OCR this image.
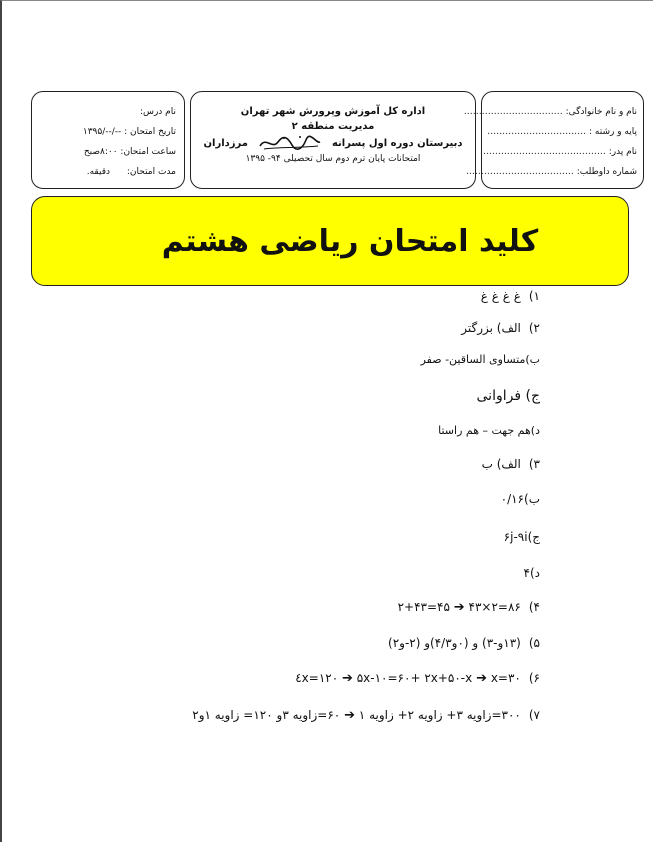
نام و نام خانوادگی: ……………………………
پایه و رشته : ……………………………
نام پدر: ……………………………………
شماره داوطلب: ………………………………
اداره کل آموزش وپرورش شهر تهران
مدیریت منطقه ۲
دبیرستان دوره اول پسرانه
مرزداران
امتحانات پایان ترم دوم سال تحصیلی ۹۴- ۱۳۹۵
نام درس:
تاریخ امتحان : --/--/۱۳۹۵
ساعت امتحان: ۸:۰۰صبح
مدت امتحان: دقیقه.
کلید امتحان ریاضی هشتم
۱)غ غ غ غ
۲)الف) بزرگتر
ب)متساوی الساقین- صفر
ج) فراوانی
د)هم جهت – هم راستا
۳)الف) ب
ب)۰/۱۶
ج)۶j-۹i
د)۴
۴)۸۶=۲×۴۳ ➔ ۴۵=۲+۴۳
۵)(۱۳و-۳) و (۰و۴/۳)و (۲-و۲)
۶)x=۳۰ ➔ ٤x=۱۲۰ ➔ ۵x-۱۰=۶۰+ ۲x+۵۰-x
۷)۳۰۰=زاویه ۳+ زاویه ۲+ زاویه ۱ ➔ ۶۰=زاویه ۳و ۱۲۰= زاویه ۱و۲
